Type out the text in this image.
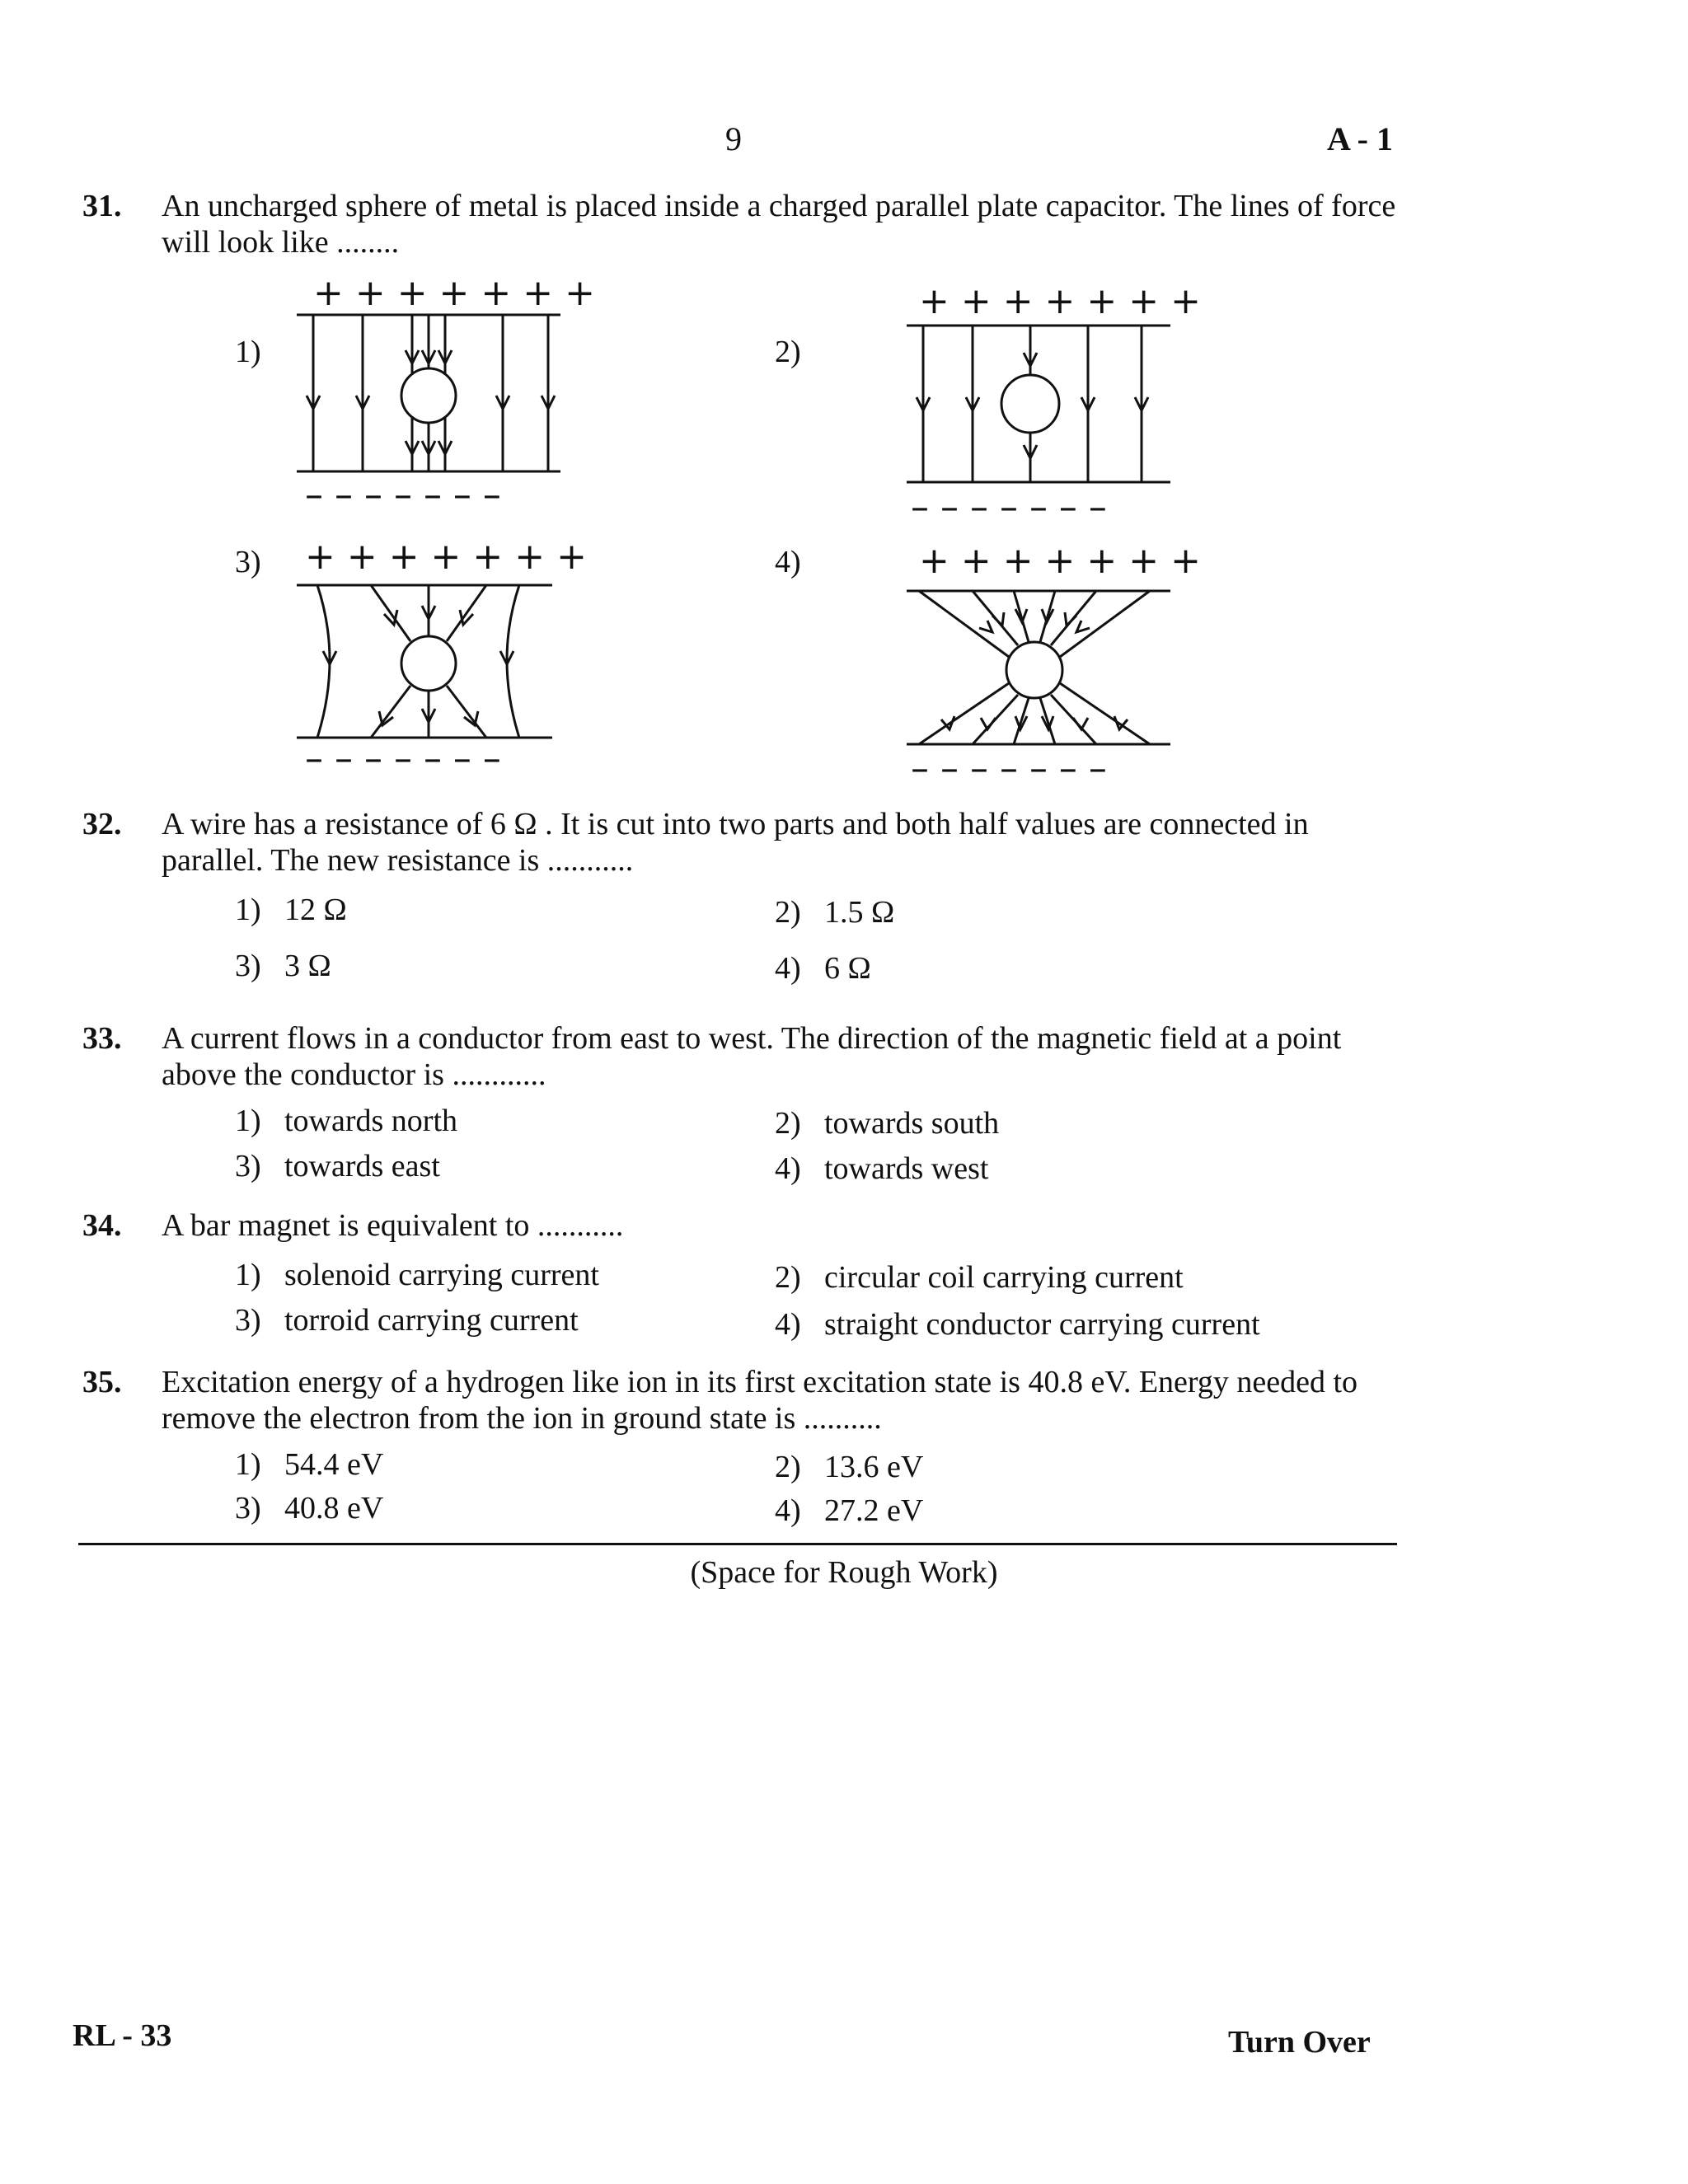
9	A - 1
31. An uncharged sphere of metal is placed inside a charged parallel plate capacitor. The lines of force will look like ........
1)
+ + + + + + +
– – – – – – –
2)
+ + + + + + +
– – – – – – –
3) + + + + + + +
– – – – – – –
4)	+ + + + + + +
– – – – – – –
32. A wire has a resistance of 6 Ω . It is cut into two parts and both half values are connected in parallel. The new resistance is ...........
1) 12 Ω	2) 1.5 Ω
3) 3 Ω	4) 6 Ω
33. A current flows in a conductor from east to west. The direction of the magnetic field at a point above the conductor is ............
1) towards north	2) towards south
3) towards east	4) towards west
34. A bar magnet is equivalent to ...........
1) solenoid carrying current	2) circular coil carrying current
3) torroid carrying current	4) straight conductor carrying current
35. Excitation energy of a hydrogen like ion in its first excitation state is 40.8 eV. Energy needed to remove the electron from the ion in ground state is ..........
1) 54.4 eV	2) 13.6 eV
3) 40.8 eV	4) 27.2 eV
(Space for Rough Work)
RL - 33	Turn Over
